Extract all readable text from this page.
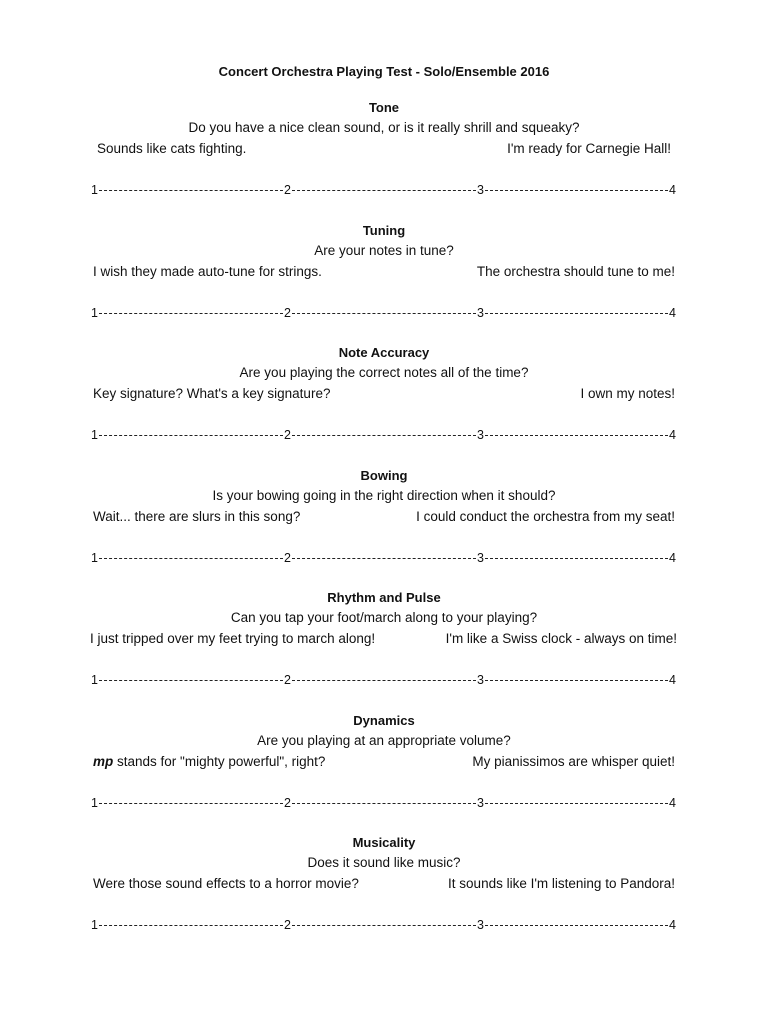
Concert Orchestra Playing Test - Solo/Ensemble 2016
Tone
Do you have a nice clean sound, or is it really shrill and squeaky?
Sounds like cats fighting.	I'm ready for Carnegie Hall!
1	2	3	4
Tuning
Are your notes in tune?
I wish they made auto-tune for strings.	The orchestra should tune to me!
1	2	3	4
Note Accuracy
Are you playing the correct notes all of the time?
Key signature? What's a key signature?	I own my notes!
1	2	3	4
Bowing
Is your bowing going in the right direction when it should?
Wait... there are slurs in this song?	I could conduct the orchestra from my seat!
1	2	3	4
Rhythm and Pulse
Can you tap your foot/march along to your playing?
I just tripped over my feet trying to march along!	I'm like a Swiss clock - always on time!
1	2	3	4
Dynamics
Are you playing at an appropriate volume?
mp stands for "mighty powerful", right?	My pianissimos are whisper quiet!
1	2	3	4
Musicality
Does it sound like music?
Were those sound effects to a horror movie?	It sounds like I'm listening to Pandora!
1	2	3	4
